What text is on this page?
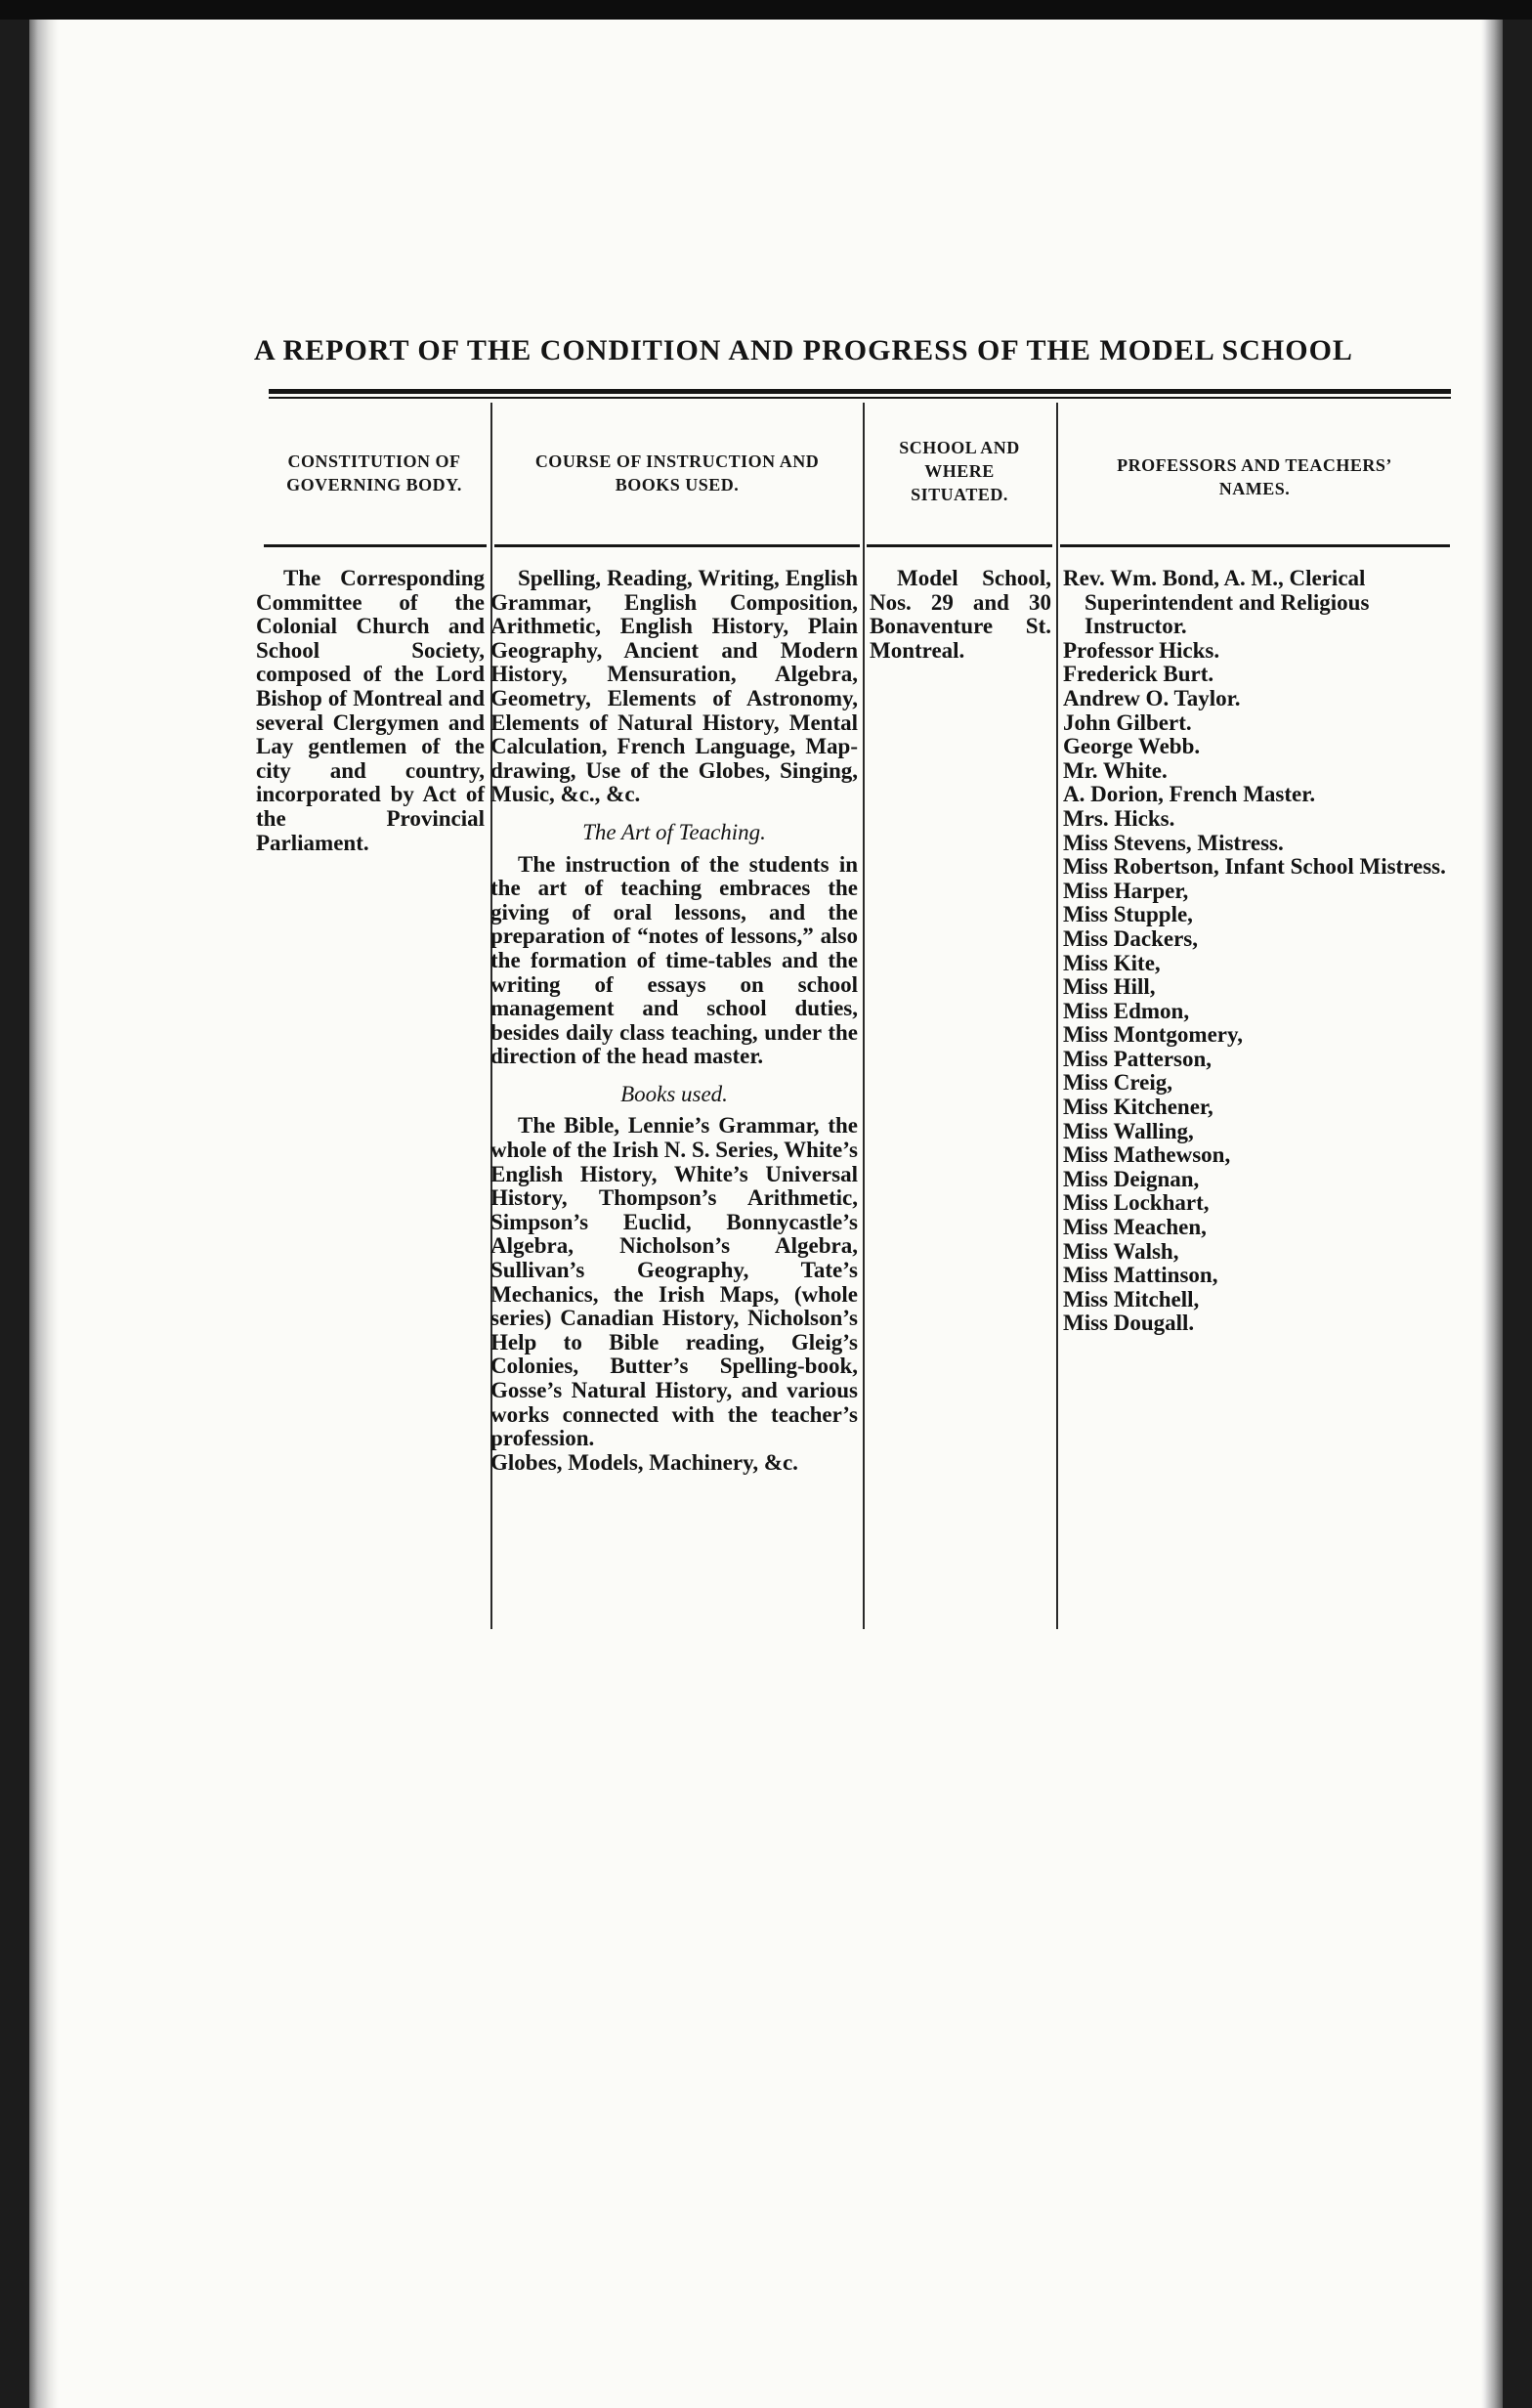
A REPORT OF THE CONDITION AND PROGRESS OF THE MODEL SCHOOL
CONSTITUTION OF
GOVERNING BODY.
COURSE OF INSTRUCTION AND
BOOKS USED.
SCHOOL AND
WHERE
SITUATED.
PROFESSORS AND TEACHERS’
NAMES.

The Corresponding Committee of the Colonial Church and School Society, composed of the Lord Bishop of Montreal and several Clergymen and Lay gentlemen of the city and country, incorporated by Act of the Provincial Parliament.

Spelling, Reading, Writing, English Grammar, English Composition, Arithmetic, English History, Plain Geography, Ancient and Modern History, Mensuration, Algebra, Geometry, Elements of Astronomy, Elements of Natural History, Mental Calculation, French Language, Map-drawing, Use of the Globes, Singing, Music, &c., &c.

The Art of Teaching.

The instruction of the students in the art of teaching embraces the giving of oral lessons, and the preparation of “notes of lessons,” also the formation of time-tables and the writing of essays on school management and school duties, besides daily class teaching, under the direction of the head master.

Books used.

The Bible, Lennie’s Grammar, the whole of the Irish N. S. Series, White’s English History, White’s Universal History, Thompson’s Arithmetic, Simpson’s Euclid, Bonnycastle’s Algebra, Nicholson’s Algebra, Sullivan’s Geography, Tate’s Mechanics, the Irish Maps, (whole series) Canadian History, Nicholson’s Help to Bible reading, Gleig’s Colonies, Butter’s Spelling-book, Gosse’s Natural History, and various works connected with the teacher’s profession.

Globes, Models, Machinery, &c.

Model School, Nos. 29 and 30 Bonaventure St. Montreal.

Rev. Wm. Bond, A. M., Clerical Superintendent and Religious Instructor.
Professor Hicks.
Frederick Burt.
Andrew O. Taylor.
John Gilbert.
George Webb.
Mr. White.
A. Dorion, French Master.
Mrs. Hicks.
Miss Stevens, Mistress.
Miss Robertson, Infant School Mistress.
Miss Harper,
Miss Stupple,
Miss Dackers,
Miss Kite,
Miss Hill,
Miss Edmon,
Miss Montgomery,
Miss Patterson,
Miss Creig,
Miss Kitchener,
Miss Walling,
Miss Mathewson,
Miss Deignan,
Miss Lockhart,
Miss Meachen,
Miss Walsh,
Miss Mattinson,
Miss Mitchell,
Miss Dougall.
